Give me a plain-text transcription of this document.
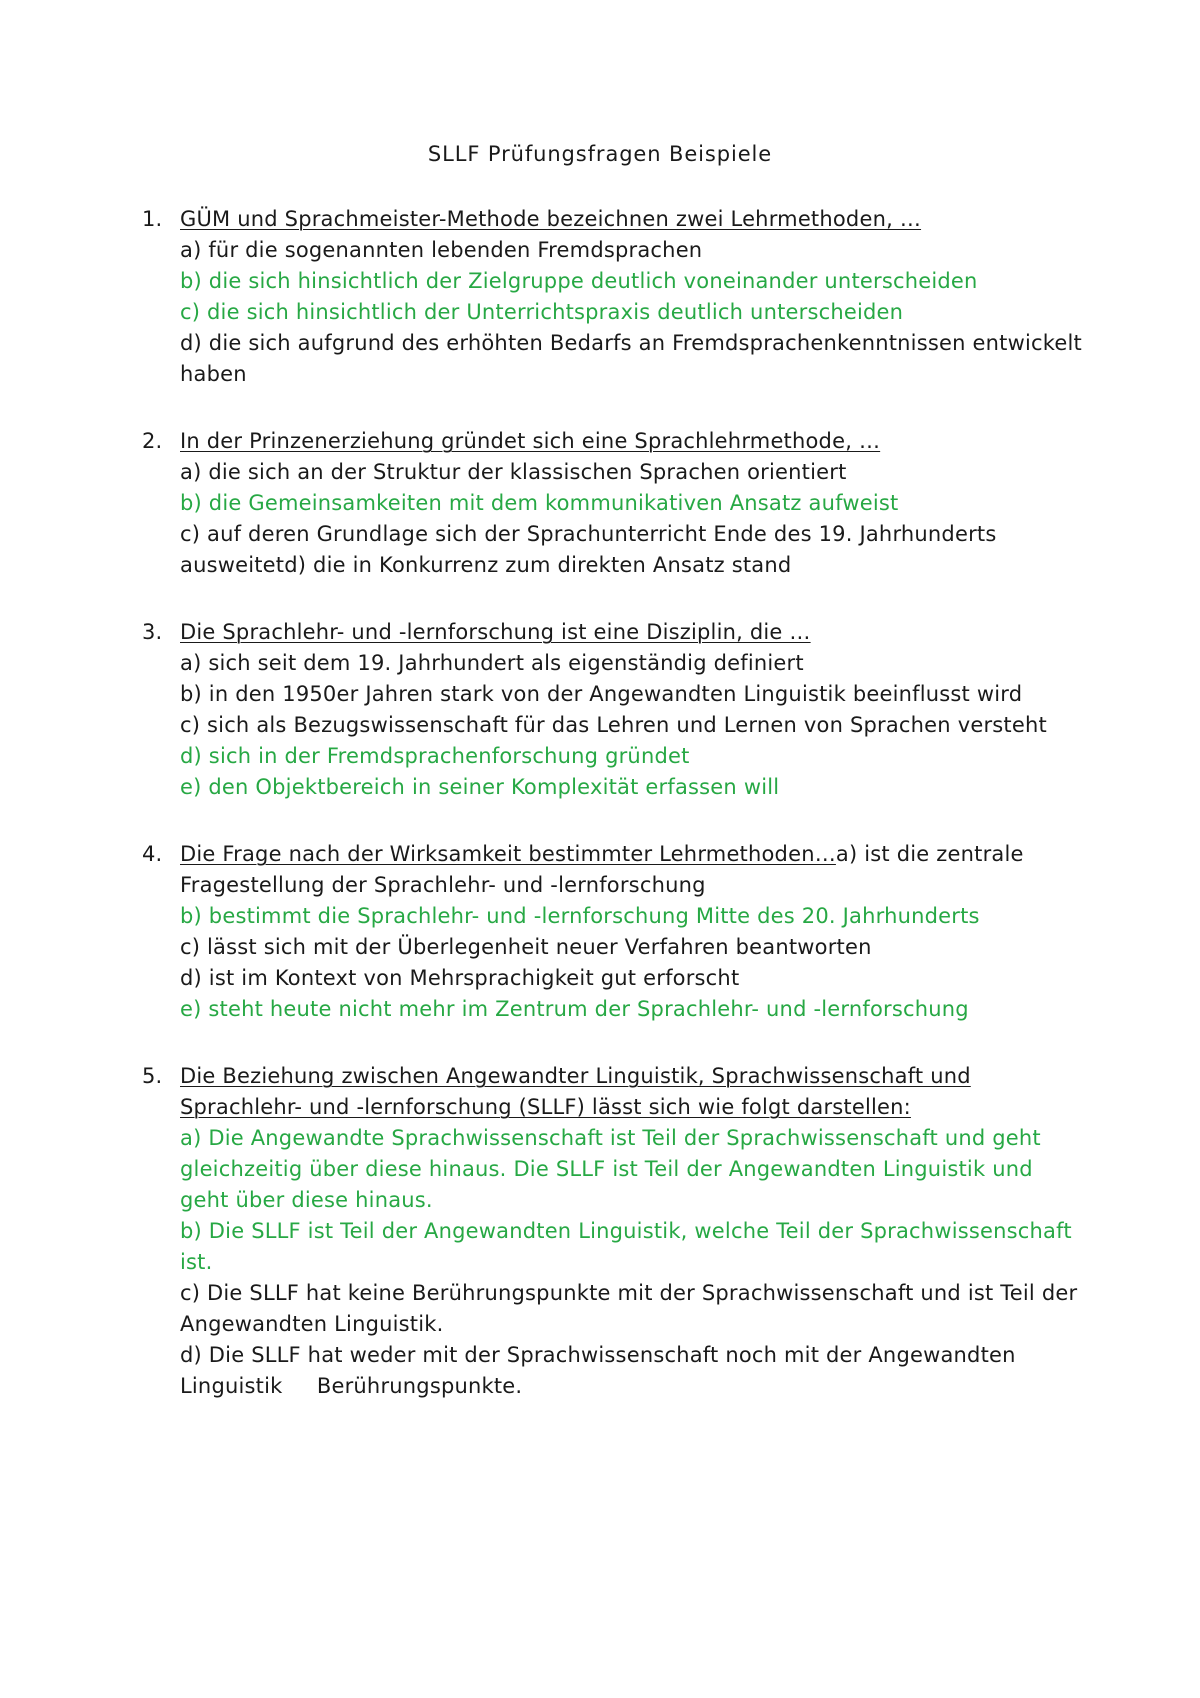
SLLF Prüfungsfragen Beispiele
1. GÜM und Sprachmeister-Methode bezeichnen zwei Lehrmethoden, …
a) für die sogenannten lebenden Fremdsprachen
b) die sich hinsichtlich der Zielgruppe deutlich voneinander unterscheiden
c) die sich hinsichtlich der Unterrichtspraxis deutlich unterscheiden
d) die sich aufgrund des erhöhten Bedarfs an Fremdsprachenkenntnissen entwickelt haben
2. In der Prinzenerziehung gründet sich eine Sprachlehrmethode, …
a) die sich an der Struktur der klassischen Sprachen orientiert
b) die Gemeinsamkeiten mit dem kommunikativen Ansatz aufweist
c) auf deren Grundlage sich der Sprachunterricht Ende des 19. Jahrhunderts ausweitetd) die in Konkurrenz zum direkten Ansatz stand
3. Die Sprachlehr- und -lernforschung ist eine Disziplin, die …
a) sich seit dem 19. Jahrhundert als eigenständig definiert
b) in den 1950er Jahren stark von der Angewandten Linguistik beeinflusst wird
c) sich als Bezugswissenschaft für das Lehren und Lernen von Sprachen versteht
d) sich in der Fremdsprachenforschung gründet
e) den Objektbereich in seiner Komplexität erfassen will
4. Die Frage nach der Wirksamkeit bestimmter Lehrmethoden…a) ist die zentrale Fragestellung der Sprachlehr- und -lernforschung
b) bestimmt die Sprachlehr- und -lernforschung Mitte des 20. Jahrhunderts
c) lässt sich mit der Überlegenheit neuer Verfahren beantworten
d) ist im Kontext von Mehrsprachigkeit gut erforscht
e) steht heute nicht mehr im Zentrum der Sprachlehr- und -lernforschung
5. Die Beziehung zwischen Angewandter Linguistik, Sprachwissenschaft und Sprachlehr- und -lernforschung (SLLF) lässt sich wie folgt darstellen:
a) Die Angewandte Sprachwissenschaft ist Teil der Sprachwissenschaft und geht gleichzeitig über diese hinaus. Die SLLF ist Teil der Angewandten Linguistik und geht über diese hinaus.
b) Die SLLF ist Teil der Angewandten Linguistik, welche Teil der Sprachwissenschaft ist.
c) Die SLLF hat keine Berührungspunkte mit der Sprachwissenschaft und ist Teil der     Angewandten Linguistik.
d) Die SLLF hat weder mit der Sprachwissenschaft noch mit der Angewandten Linguistik     Berührungspunkte.
